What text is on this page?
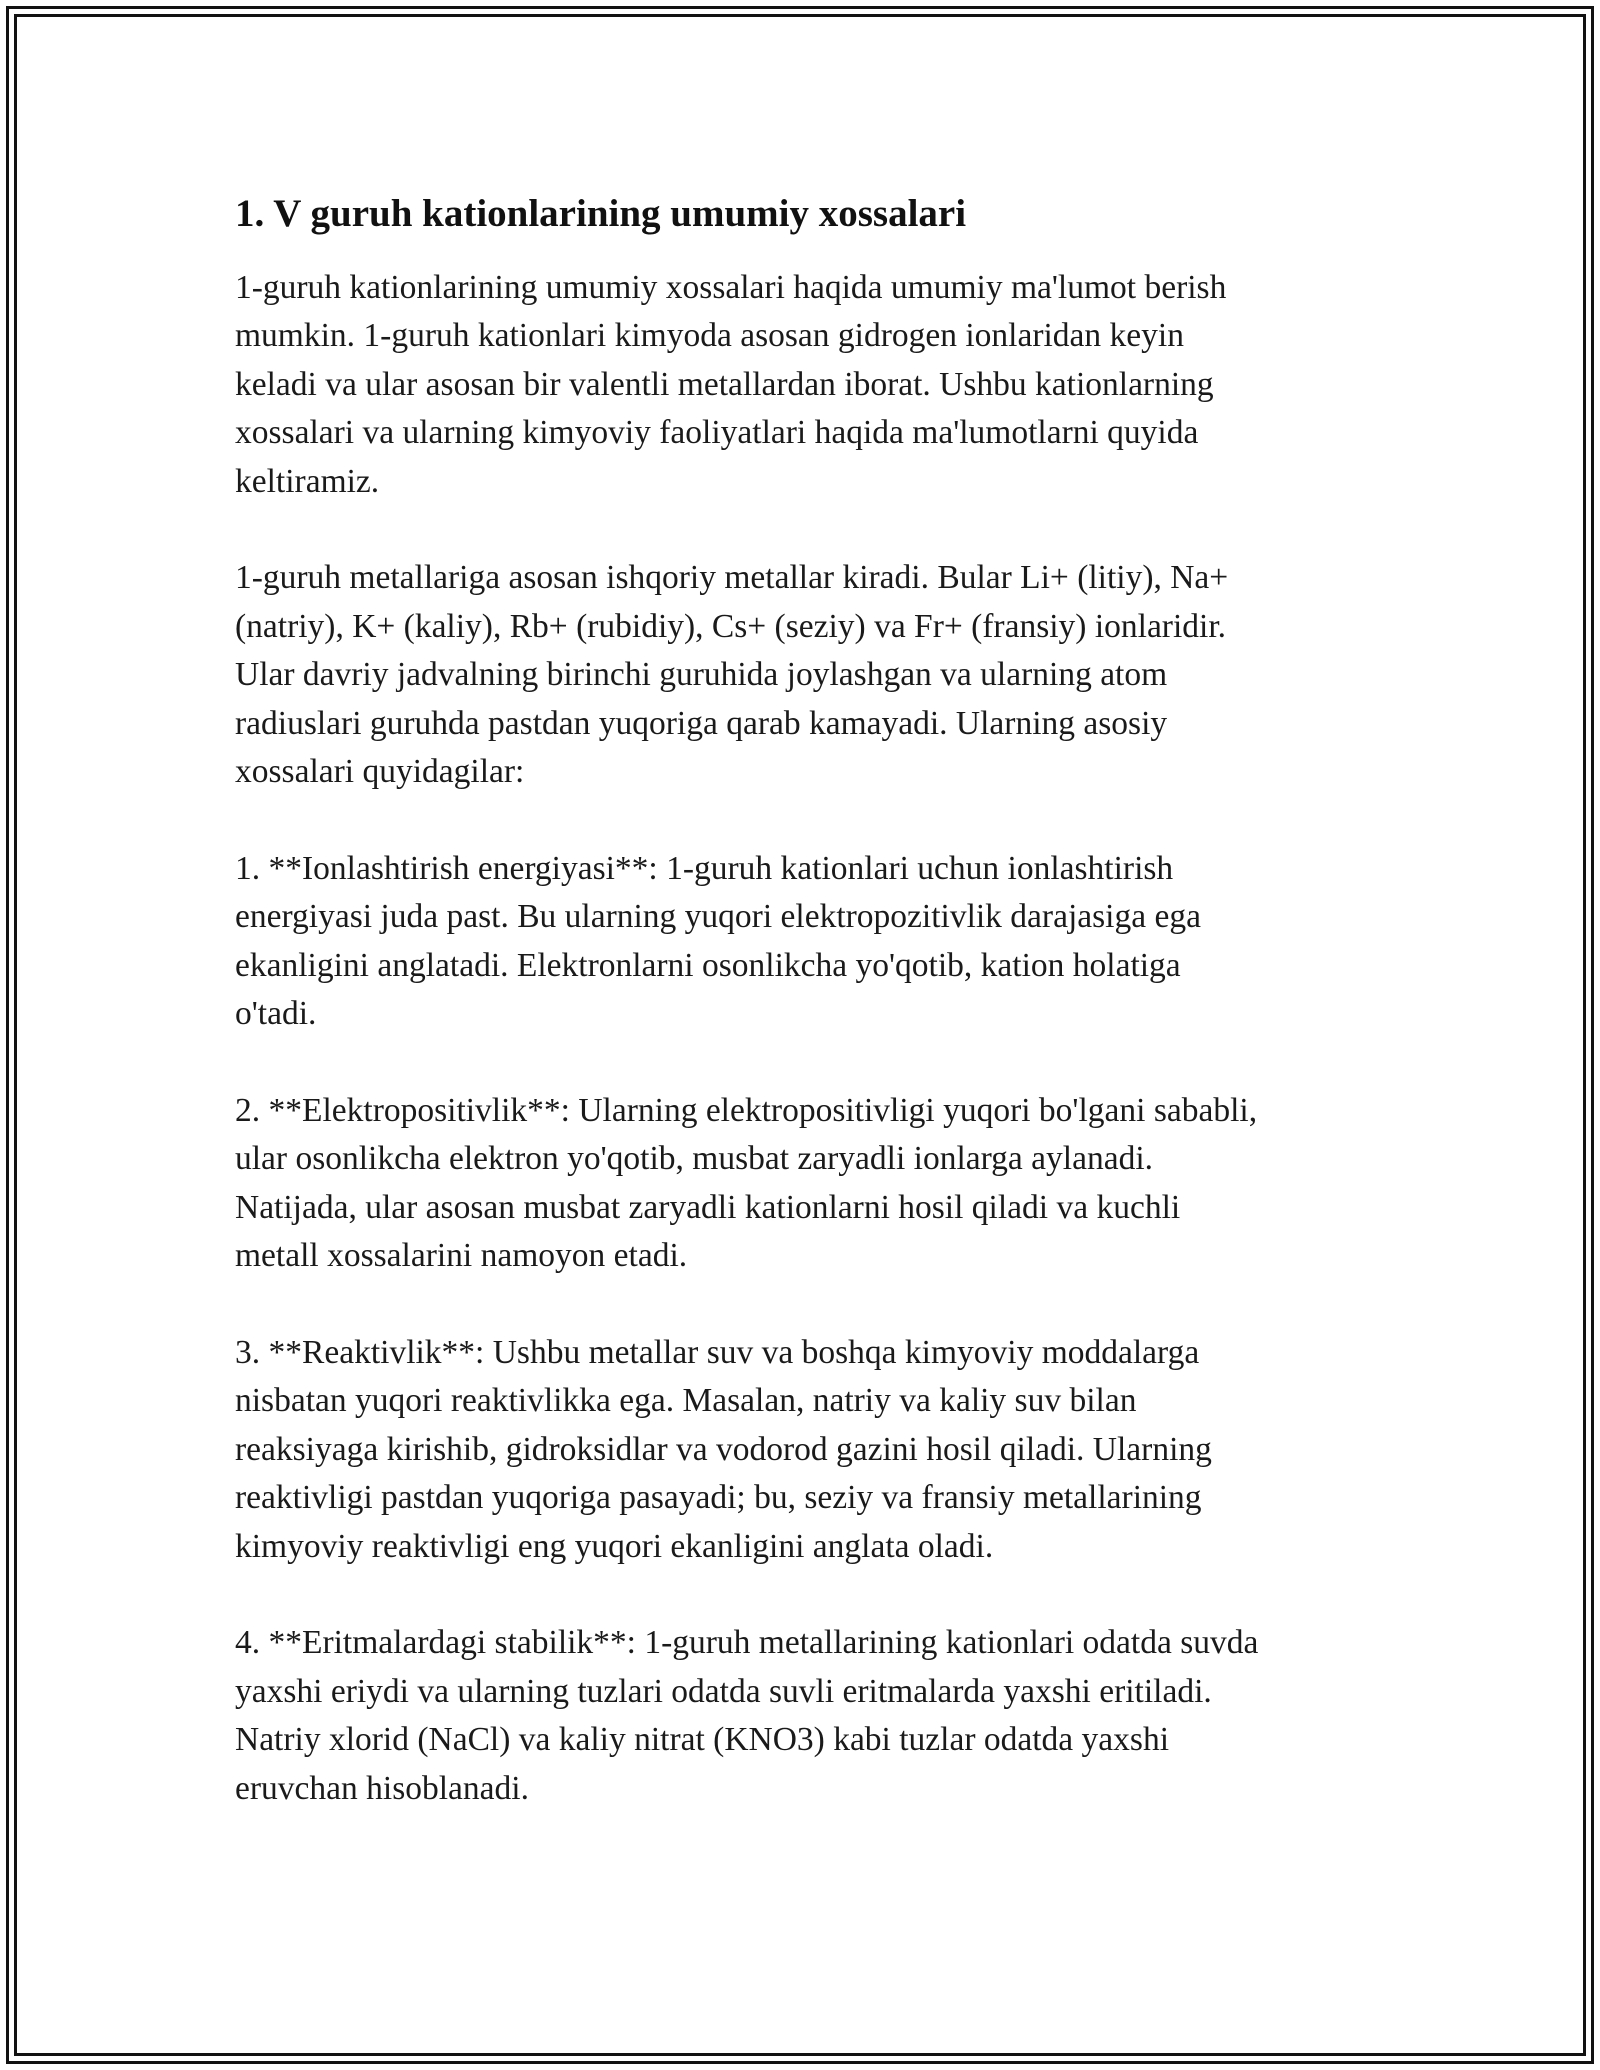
1. V guruh kationlarining umumiy xossalari

1-guruh kationlarining umumiy xossalari haqida umumiy ma'lumot berish
mumkin. 1-guruh kationlari kimyoda asosan gidrogen ionlaridan keyin
keladi va ular asosan bir valentli metallardan iborat. Ushbu kationlarning
xossalari va ularning kimyoviy faoliyatlari haqida ma'lumotlarni quyida
keltiramiz.

1-guruh metallariga asosan ishqoriy metallar kiradi. Bular Li+ (litiy), Na+
(natriy), K+ (kaliy), Rb+ (rubidiy), Cs+ (seziy) va Fr+ (fransiy) ionlaridir.
Ular davriy jadvalning birinchi guruhida joylashgan va ularning atom
radiuslari guruhda pastdan yuqoriga qarab kamayadi. Ularning asosiy
xossalari quyidagilar:

1. **Ionlashtirish energiyasi**: 1-guruh kationlari uchun ionlashtirish
energiyasi juda past. Bu ularning yuqori elektropozitivlik darajasiga ega
ekanligini anglatadi. Elektronlarni osonlikcha yo'qotib, kation holatiga
o'tadi.

2. **Elektropositivlik**: Ularning elektropositivligi yuqori bo'lgani sababli,
ular osonlikcha elektron yo'qotib, musbat zaryadli ionlarga aylanadi.
Natijada, ular asosan musbat zaryadli kationlarni hosil qiladi va kuchli
metall xossalarini namoyon etadi.

3. **Reaktivlik**: Ushbu metallar suv va boshqa kimyoviy moddalarga
nisbatan yuqori reaktivlikka ega. Masalan, natriy va kaliy suv bilan
reaksiyaga kirishib, gidroksidlar va vodorod gazini hosil qiladi. Ularning
reaktivligi pastdan yuqoriga pasayadi; bu, seziy va fransiy metallarining
kimyoviy reaktivligi eng yuqori ekanligini anglata oladi.

4. **Eritmalardagi stabilik**: 1-guruh metallarining kationlari odatda suvda
yaxshi eriydi va ularning tuzlari odatda suvli eritmalarda yaxshi eritiladi.
Natriy xlorid (NaCl) va kaliy nitrat (KNO3) kabi tuzlar odatda yaxshi
eruvchan hisoblanadi.
